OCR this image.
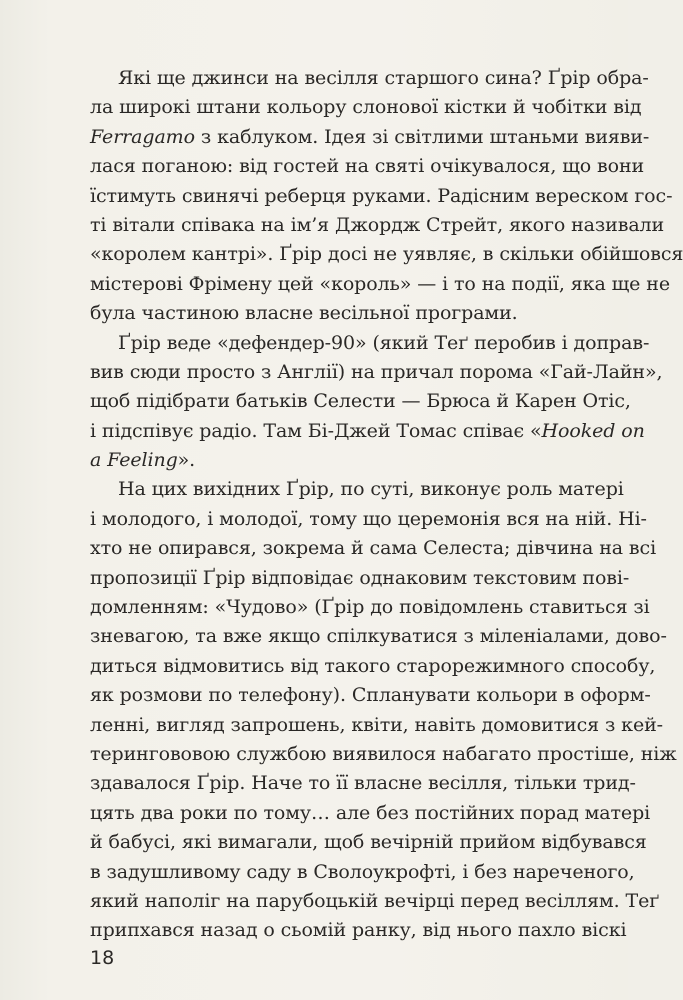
Які ще джинси на весілля старшого сина? Ґрір обра-
ла широкі штани кольору слонової кістки й чобітки від
Ferragamo з каблуком. Ідея зі світлими штаньми вияви-
лася поганою: від гостей на святі очікувалося, що вони
їстимуть свинячі реберця руками. Радісним вереском гос-
ті вітали співака на ім’я Джордж Стрейт, якого називали
«королем кантрі». Ґрір досі не уявляє, в скільки обійшовся
містерові Фрімену цей «король» — і то на події, яка ще не
була частиною власне весільної програми.
Ґрір веде «дефендер-90» (який Теґ перобив і доправ-
вив сюди просто з Англії) на причал порома «Гай-Лайн»,
щоб підібрати батьків Селести — Брюса й Карен Отіс,
і підспівує радіо. Там Бі-Джей Томас співає «Hooked on
a Feeling».
На цих вихідних Ґрір, по суті, виконує роль матері
і молодого, і молодої, тому що церемонія вся на ній. Ні-
хто не опирався, зокрема й сама Селеста; дівчина на всі
пропозиції Ґрір відповідає однаковим текстовим пові-
домленням: «Чудово» (Ґрір до повідомлень ставиться зі
зневагою, та вже якщо спілкуватися з міленіалами, дово-
диться відмовитись від такого старорежимного способу,
як розмови по телефону). Спланувати кольори в оформ-
ленні, вигляд запрошень, квіти, навіть домовитися з кей-
терингововою службою виявилося набагато простіше, ніж
здавалося Ґрір. Наче то її власне весілля, тільки трид-
цять два роки по тому… але без постійних порад матері
й бабусі, які вимагали, щоб вечірній прийом відбувався
в задушливому саду в Сволоукрофті, і без нареченого,
який наполіг на парубоцькій вечірці перед весіллям. Теґ
припхався назад о сьомій ранку, від нього пахло віскі
18
